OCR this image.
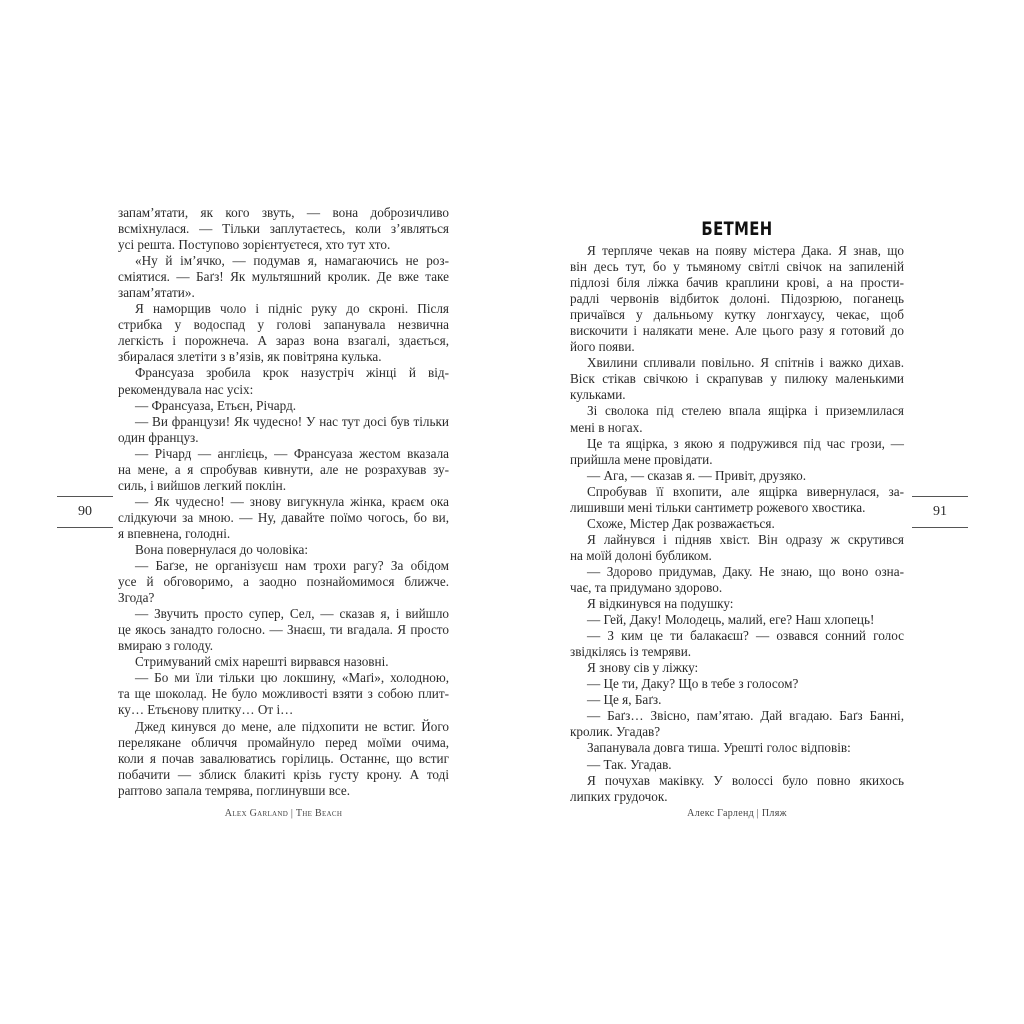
запам’ятати, як кого звуть, — вона доброзичливо
всміхнулася. — Тільки заплутаєтесь, коли з’являться
усі решта. Поступово зорієнтуєтеся, хто тут хто.
«Ну й ім’ячко, — подумав я, намагаючись не роз-
сміятися. — Баґз! Як мультяшний кролик. Де вже таке
запам’ятати».
Я наморщив чоло і підніс руку до скроні. Після
стрибка у водоспад у голові запанувала незвична
легкість і порожнеча. А зараз вона взагалі, здається,
збиралася злетіти з в’язів, як повітряна кулька.
Франсуаза зробила крок назустріч жінці й від-
рекомендувала нас усіх:
— Франсуаза, Етьєн, Річард.
— Ви французи! Як чудесно! У нас тут досі був тільки
один француз.
— Річард — англієць, — Франсуаза жестом вказала
на мене, а я спробував кивнути, але не розрахував зу-
силь, і вийшов легкий поклін.
— Як чудесно! — знову вигукнула жінка, краєм ока
слідкуючи за мною. — Ну, давайте поїмо чогось, бо ви,
я впевнена, голодні.
Вона повернулася до чоловіка:
— Баґзе, не організуєш нам трохи рагу? За обідом
усе й обговоримо, а заодно познайомимося ближче.
Згода?
— Звучить просто супер, Сел, — сказав я, і вийшло
це якось занадто голосно. — Знаєш, ти вгадала. Я просто
вмираю з голоду.
Стримуваний сміх нарешті вирвався назовні.
— Бо ми їли тільки цю локшину, «Маґі», холодною,
та ще шоколад. Не було можливості взяти з собою плит-
ку… Етьєнову плитку… От і…
Джед кинувся до мене, але підхопити не встиг. Його
перелякане обличчя промайнуло перед моїми очима,
коли я почав завалюватись горілиць. Останнє, що встиг
побачити — зблиск блакиті крізь густу крону. А тоді
раптово запала темрява, поглинувши все.
90
Alex Garland | The Beach
БЕТМЕН
Я терпляче чекав на появу містера Дака. Я знав, що
він десь тут, бо у тьмяному світлі свічок на запиленій
підлозі біля ліжка бачив краплини крові, а на прости-
радлі червонів відбиток долоні. Підозрюю, поганець
причаївся у дальньому кутку лонгхаусу, чекає, щоб
вискочити і налякати мене. Але цього разу я готовий до
його появи.
Хвилини спливали повільно. Я спітнів і важко дихав.
Віск стікав свічкою і скрапував у пилюку маленькими
кульками.
Зі сволока під стелею впала ящірка і приземлилася
мені в ногах.
Це та ящірка, з якою я подружився під час грози, —
прийшла мене провідати.
— Ага, — сказав я. — Привіт, друзяко.
Спробував її вхопити, але ящірка вивернулася, за-
лишивши мені тільки сантиметр рожевого хвостика.
Схоже, Містер Дак розважається.
Я лайнувся і підняв хвіст. Він одразу ж скрутився
на моїй долоні бубликом.
— Здорово придумав, Даку. Не знаю, що воно озна-
чає, та придумано здорово.
Я відкинувся на подушку:
— Гей, Даку! Молодець, малий, еге? Наш хлопець!
— З ким це ти балакаєш? — озвався сонний голос
звідкілясь із темряви.
Я знову сів у ліжку:
— Це ти, Даку? Що в тебе з голосом?
— Це я, Баґз.
— Баґз… Звісно, пам’ятаю. Дай вгадаю. Баґз Банні,
кролик. Угадав?
Запанувала довга тиша. Урешті голос відповів:
— Так. Угадав.
Я почухав маківку. У волоссі було повно якихось
липких грудочок.
91
Алекс Гарленд | Пляж
